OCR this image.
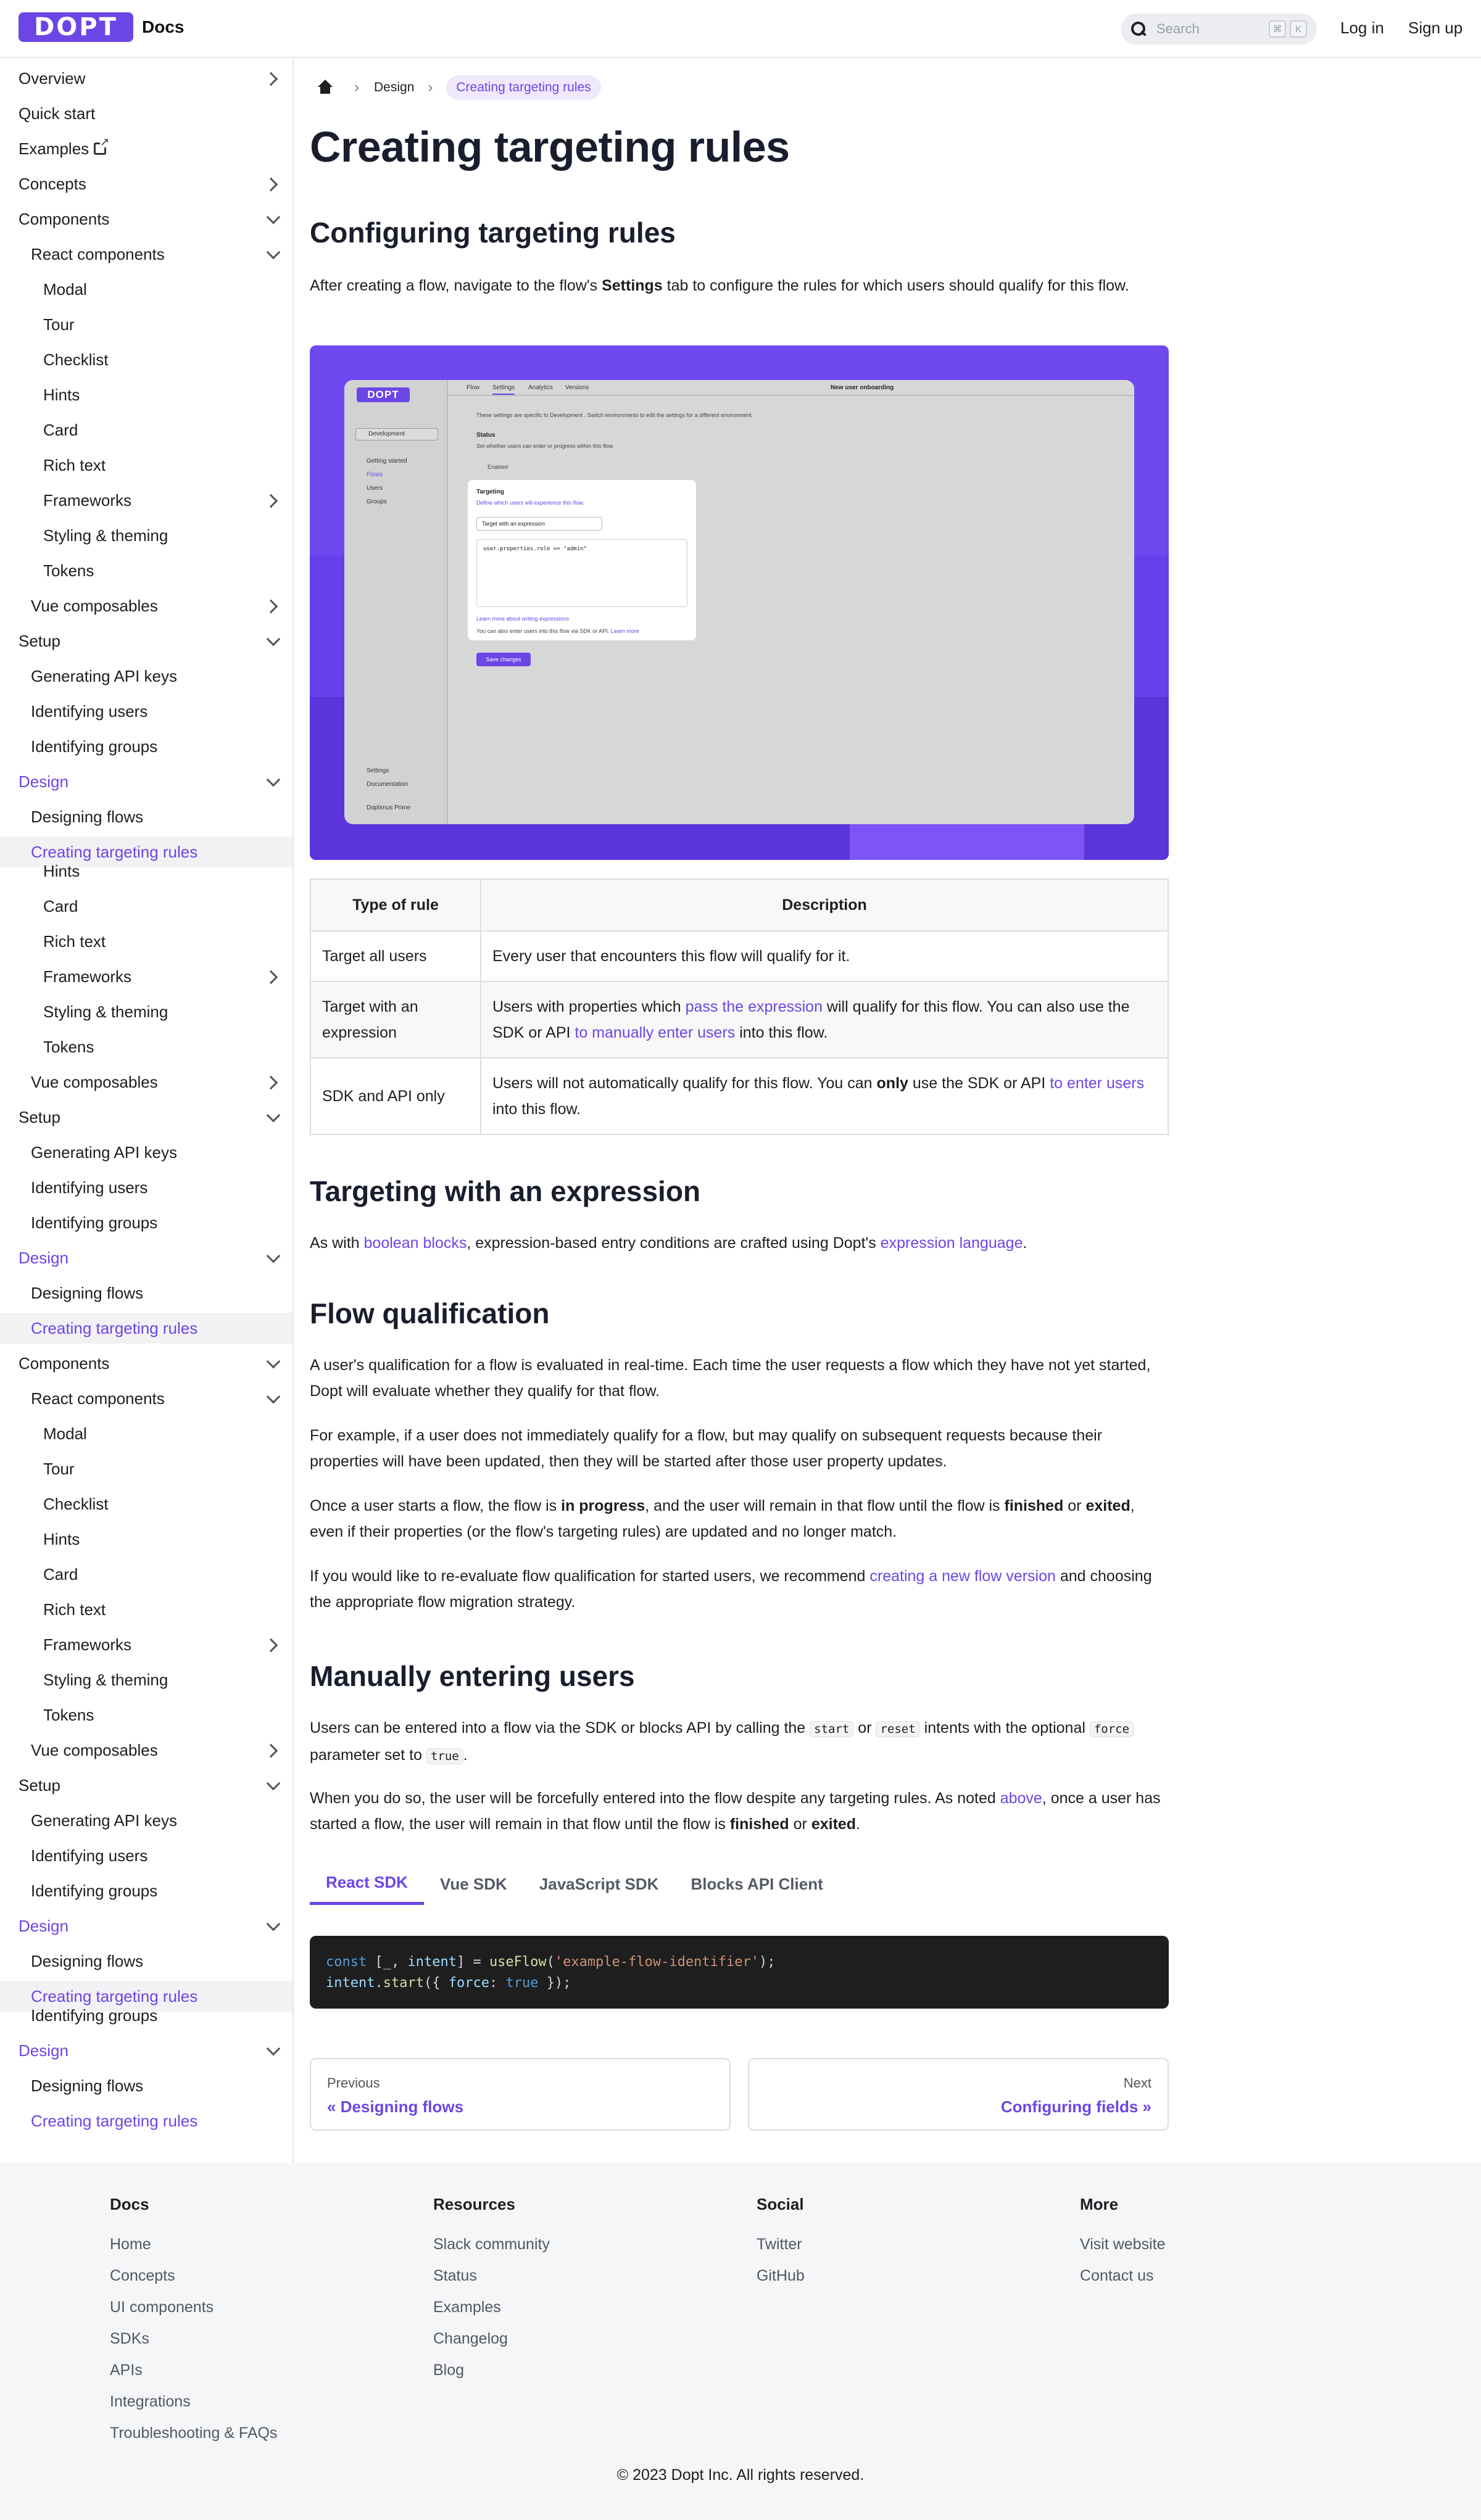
DOPT Docs	Search	⌘	K	Log in Sign up
Overview
Quick start
Examples
↗
Concepts
Components
React components
Modal
Tour
Checklist
Hints
Card
Rich text
Frameworks
Styling & theming
Tokens
Vue composables
Setup
Generating API keys
Identifying users
Identifying groups
Design
Designing flows
Creating targeting rules
Hints
Card
Rich text
Frameworks
Styling & theming
Tokens
Vue composables
Setup
Generating API keys
Identifying users
Identifying groups
Design
Designing flows
Creating targeting rules
Components
React components
Modal
Tour
Checklist
Hints
Card
Rich text
Frameworks
Styling & theming
Tokens
Vue composables
Setup
Generating API keys
Identifying users
Identifying groups
Design
Designing flows
Creating targeting rules
Identifying groups
Design
Designing flows
Creating targeting rules
› Design ›	Creating targeting rules
Creating targeting rules
Configuring targeting rules

After creating a flow, navigate to the flow's Settings tab to configure the rules for which users should qualify for this flow.

DOPT
Development
Getting started
Flows
Users
Groups
Settings
Documentation
Doptimus Prime
Flow Settings Analytics Versions	New user onboarding
These settings are specific to Development . Switch environments to edit the settings for a different environment.
Status
Set whether users can enter or progress within this flow.
Enabled
Targeting
Define which users will experience this flow.
Target with an expression
user.properties.role == "admin"
Learn more about writing expressions
You can also enter users into this flow via SDK or API. Learn more
Save changes
Type of rule	Description
Target all users	Every user that encounters this flow will qualify for it.
Target with an expression	Users with properties which pass the expression will qualify for this flow. You can also use the SDK or API to manually enter users into this flow.
SDK and API only	Users will not automatically qualify for this flow. You can only use the SDK or API to enter users into this flow.
Targeting with an expression

As with boolean blocks, expression-based entry conditions are crafted using Dopt's expression language.

Flow qualification

A user's qualification for a flow is evaluated in real-time. Each time the user requests a flow which they have not yet started, Dopt will evaluate whether they qualify for that flow.

For example, if a user does not immediately qualify for a flow, but may qualify on subsequent requests because their properties will have been updated, then they will be started after those user property updates.

Once a user starts a flow, the flow is in progress, and the user will remain in that flow until the flow is finished or exited, even if their properties (or the flow's targeting rules) are updated and no longer match.

If you would like to re-evaluate flow qualification for started users, we recommend creating a new flow version and choosing the appropriate flow migration strategy.

Manually entering users

Users can be entered into a flow via the SDK or blocks API by calling the start or reset intents with the optional force parameter set to true .

When you do so, the user will be forcefully entered into the flow despite any targeting rules. As noted above, once a user has started a flow, the user will remain in that flow until the flow is finished or exited.

React SDK	Vue SDK	JavaScript SDK	Blocks API Client
const [_, intent] = useFlow('example-flow-identifier');
intent.start({ force: true });
Previous
« Designing flows
Next
Configuring fields »
© 2023 Dopt Inc. All rights reserved.
Docs
Home
Concepts
UI components
SDKs
APIs
Integrations
Troubleshooting & FAQs
Resources
Slack community
Status
Examples
Changelog
Blog
Social
Twitter
GitHub
More
Visit website
Contact us
